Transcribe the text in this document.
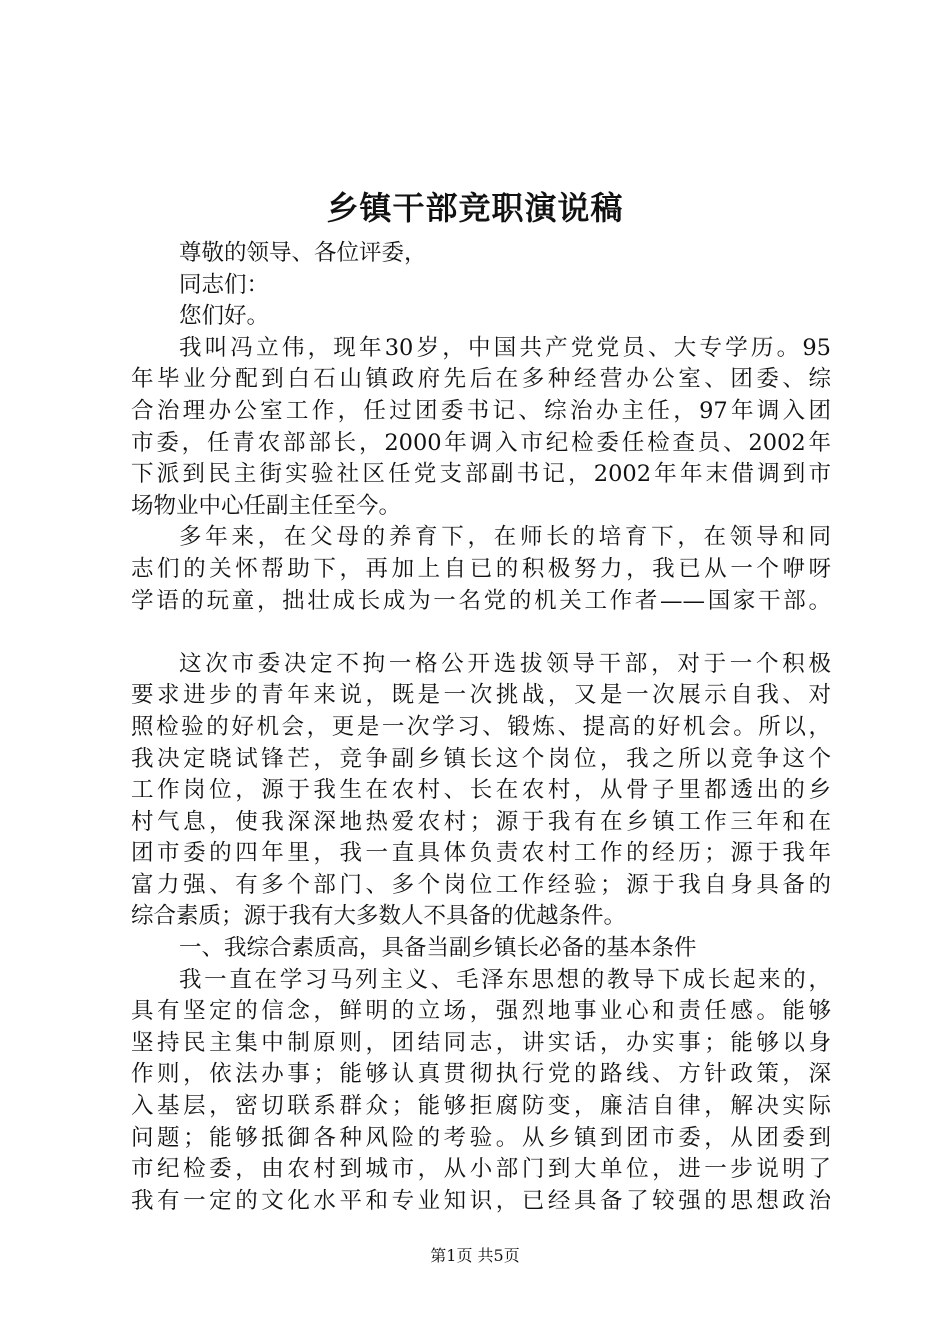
乡镇干部竞职演说稿
尊敬的领导、各位评委，
同志们：
您们好。
我叫冯立伟，现年30岁，中国共产党党员、大专学历。95
年毕业分配到白石山镇政府先后在多种经营办公室、团委、综
合治理办公室工作，任过团委书记、综治办主任，97年调入团
市委，任青农部部长，2000年调入市纪检委任检查员、2002年
下派到民主街实验社区任党支部副书记，2002年年末借调到市
场物业中心任副主任至今。
多年来，在父母的养育下，在师长的培育下，在领导和同
志们的关怀帮助下，再加上自已的积极努力，我已从一个咿呀
学语的玩童，拙壮成长成为一名党的机关工作者——国家干部。
这次市委决定不拘一格公开选拔领导干部，对于一个积极
要求进步的青年来说，既是一次挑战，又是一次展示自我、对
照检验的好机会，更是一次学习、锻炼、提高的好机会。所以，
我决定晓试锋芒，竞争副乡镇长这个岗位，我之所以竞争这个
工作岗位，源于我生在农村、长在农村，从骨子里都透出的乡
村气息，使我深深地热爱农村；源于我有在乡镇工作三年和在
团市委的四年里，我一直具体负责农村工作的经历；源于我年
富力强、有多个部门、多个岗位工作经验；源于我自身具备的
综合素质；源于我有大多数人不具备的优越条件。
一、我综合素质高，具备当副乡镇长必备的基本条件
我一直在学习马列主义、毛泽东思想的教导下成长起来的，
具有坚定的信念，鲜明的立场，强烈地事业心和责任感。能够
坚持民主集中制原则，团结同志，讲实话，办实事；能够以身
作则，依法办事；能够认真贯彻执行党的路线、方针政策，深
入基层，密切联系群众；能够拒腐防变，廉洁自律，解决实际
问题；能够抵御各种风险的考验。从乡镇到团市委，从团委到
市纪检委，由农村到城市，从小部门到大单位，进一步说明了
我有一定的文化水平和专业知识，已经具备了较强的思想政治
第1页 共5页
